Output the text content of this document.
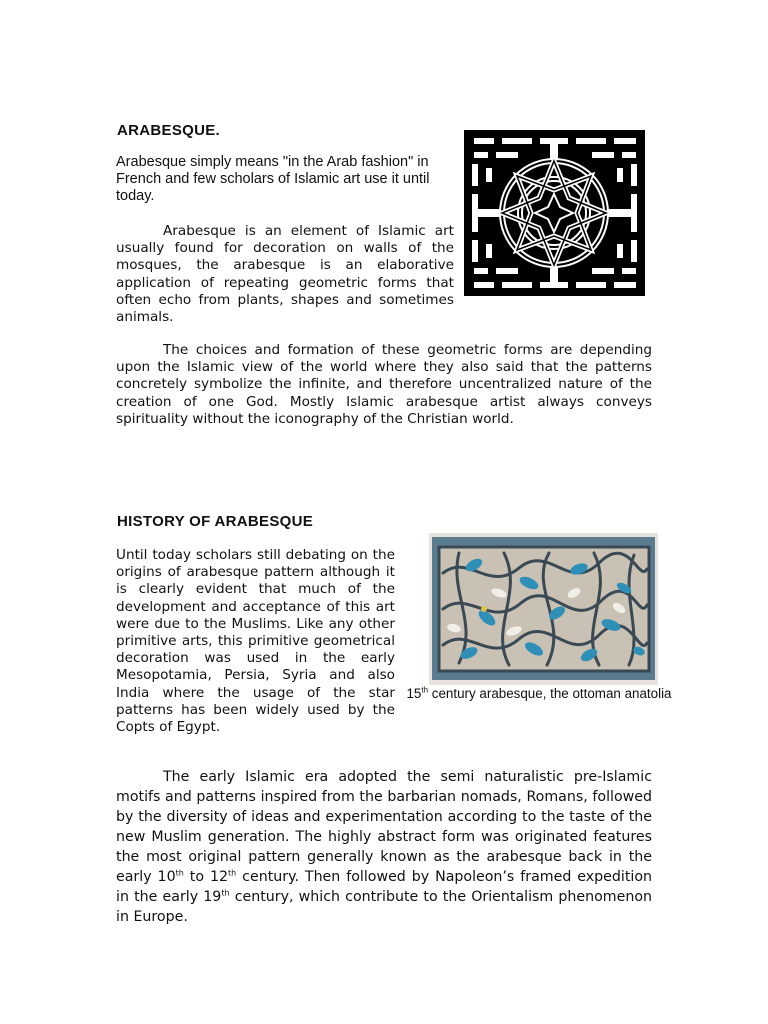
ARABESQUE.

Arabesque simply means "in the Arab fashion" in French and few scholars of Islamic art use it until today.

Arabesque is an element of Islamic art usually found for decoration on walls of the mosques, the arabesque is an elaborative application of repeating geometric forms that often echo from plants, shapes and sometimes animals.

The choices and formation of these geometric forms are depending upon the Islamic view of the world where they also said that the patterns concretely symbolize the infinite, and therefore uncentralized nature of the creation of one God. Mostly Islamic arabesque artist always conveys spirituality without the iconography of the Christian world.

HISTORY OF ARABESQUE

Until today scholars still debating on the origins of arabesque pattern although it is clearly evident that much of the development and acceptance of this art were due to the Muslims. Like any other primitive arts, this primitive geometrical decoration was used in the early Mesopotamia, Persia, Syria and also India where the usage of the star patterns has been widely used by the Copts of Egypt.

15th century arabesque, the ottoman anatolia

The early Islamic era adopted the semi naturalistic pre-Islamic motifs and patterns inspired from the barbarian nomads, Romans, followed by the diversity of ideas and experimentation according to the taste of the new Muslim generation. The highly abstract form was originated features the most original pattern generally known as the arabesque back in the early 10th to 12th century. Then followed by Napoleon’s framed expedition in the early 19th century, which contribute to the Orientalism phenomenon in Europe.
